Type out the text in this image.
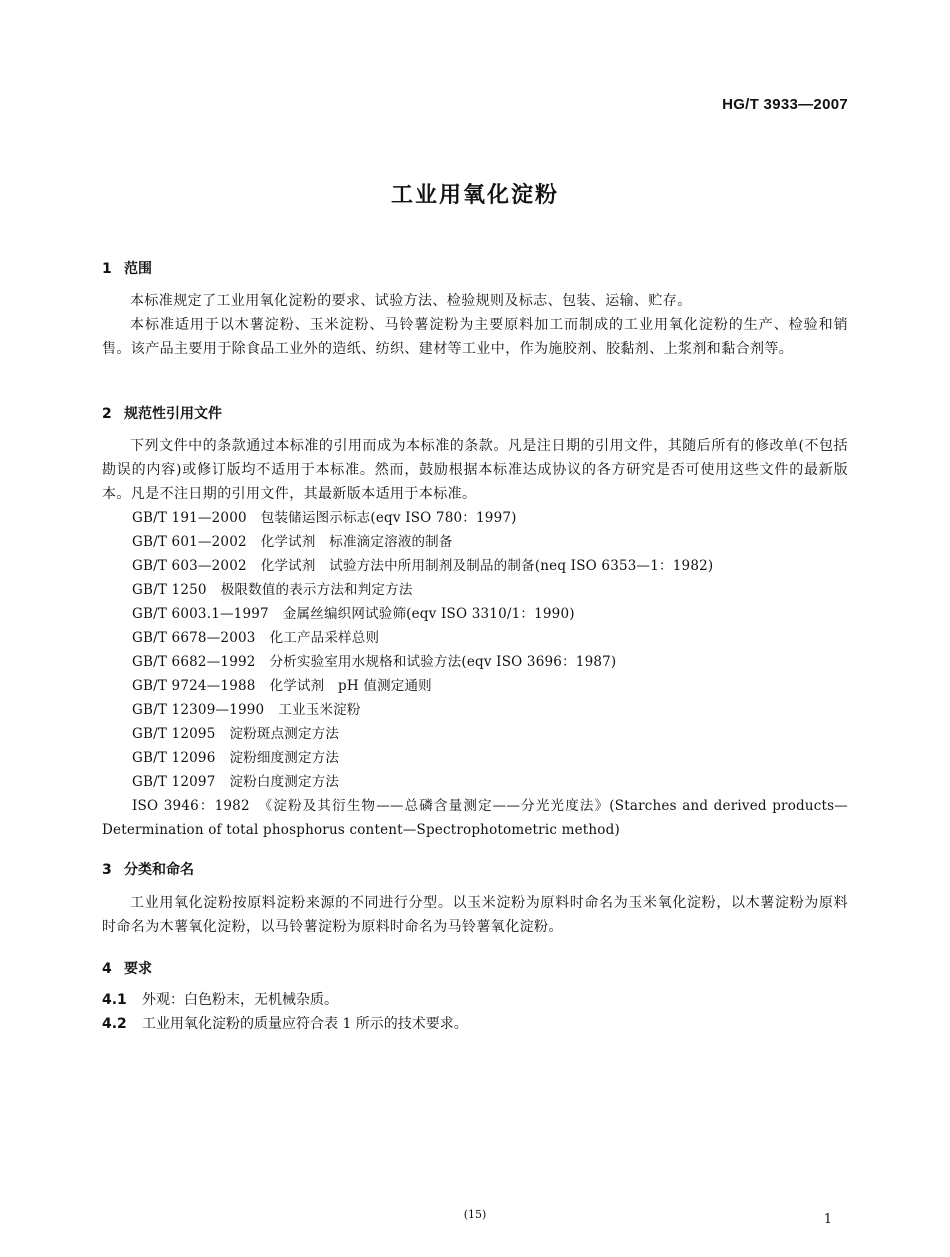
HG/T 3933—2007
工业用氧化淀粉
1 范围
本标准规定了工业用氧化淀粉的要求、试验方法、检验规则及标志、包装、运输、贮存。
本标准适用于以木薯淀粉、玉米淀粉、马铃薯淀粉为主要原料加工而制成的工业用氧化淀粉的生产、检验和销售。该产品主要用于除食品工业外的造纸、纺织、建材等工业中，作为施胶剂、胶黏剂、上浆剂和黏合剂等。
2 规范性引用文件
下列文件中的条款通过本标准的引用而成为本标准的条款。凡是注日期的引用文件，其随后所有的修改单(不包括勘误的内容)或修订版均不适用于本标准。然而，鼓励根据本标准达成协议的各方研究是否可使用这些文件的最新版本。凡是不注日期的引用文件，其最新版本适用于本标准。
GB/T 191—2000 包装储运图示标志(eqv ISO 780：1997)
GB/T 601—2002 化学试剂　标准滴定溶液的制备
GB/T 603—2002 化学试剂　试验方法中所用制剂及制品的制备(neq ISO 6353—1：1982)
GB/T 1250 极限数值的表示方法和判定方法
GB/T 6003.1—1997 金属丝编织网试验筛(eqv ISO 3310/1：1990)
GB/T 6678—2003 化工产品采样总则
GB/T 6682—1992 分析实验室用水规格和试验方法(eqv ISO 3696：1987)
GB/T 9724—1988 化学试剂　pH 值测定通则
GB/T 12309—1990 工业玉米淀粉
GB/T 12095 淀粉斑点测定方法
GB/T 12096 淀粉细度测定方法
GB/T 12097 淀粉白度测定方法
ISO 3946：1982　《淀粉及其衍生物——总磷含量测定——分光光度法》(Starches and derived products—Determination of total phosphorus content—Spectrophotometric method)
3 分类和命名
工业用氧化淀粉按原料淀粉来源的不同进行分型。以玉米淀粉为原料时命名为玉米氧化淀粉，以木薯淀粉为原料时命名为木薯氧化淀粉，以马铃薯淀粉为原料时命名为马铃薯氧化淀粉。
4 要求
4.1 外观：白色粉末，无机械杂质。
4.2 工业用氧化淀粉的质量应符合表 1 所示的技术要求。
(15)	1
